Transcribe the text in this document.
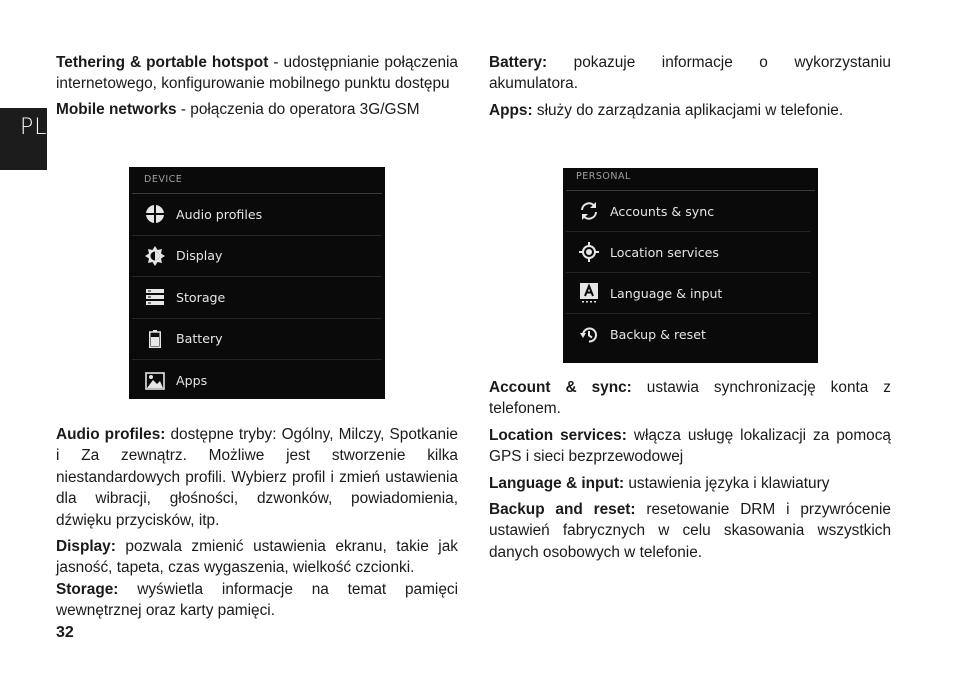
PL

Tethering & portable hotspot - udostępnianie połączenia internetowego, konfigurowanie mobilnego punktu dostępu

Mobile networks - połączenia do operatora 3G/GSM

DEVICE
Audio profiles
Display
Storage
Battery
Apps

Audio profiles: dostępne tryby: Ogólny, Milczy, Spotkanie i Za zewnątrz. Możliwe jest stworzenie kilka niestandardowych profili. Wybierz profil i zmień ustawienia dla wibracji, głośności, dzwonków, powiadomienia, dźwięku przycisków, itp.

Display: pozwala zmienić ustawienia ekranu, takie jak jasność, tapeta, czas wygaszenia, wielkość czcionki.

Storage: wyświetla informacje na temat pamięci wewnętrznej oraz karty pamięci.

Battery: pokazuje informacje o wykorzystaniu akumulatora.

Apps: służy do zarządzania aplikacjami w telefonie.

PERSONAL
Accounts & sync
Location services
Language & input
Backup & reset

Account & sync: ustawia synchronizację konta z telefonem.

Location services: włącza usługę lokalizacji za pomocą GPS i sieci bezprzewodowej

Language & input: ustawienia języka i klawiatury

Backup and reset: resetowanie DRM i przywrócenie ustawień fabrycznych w celu skasowania wszystkich danych osobowych w telefonie.

32
